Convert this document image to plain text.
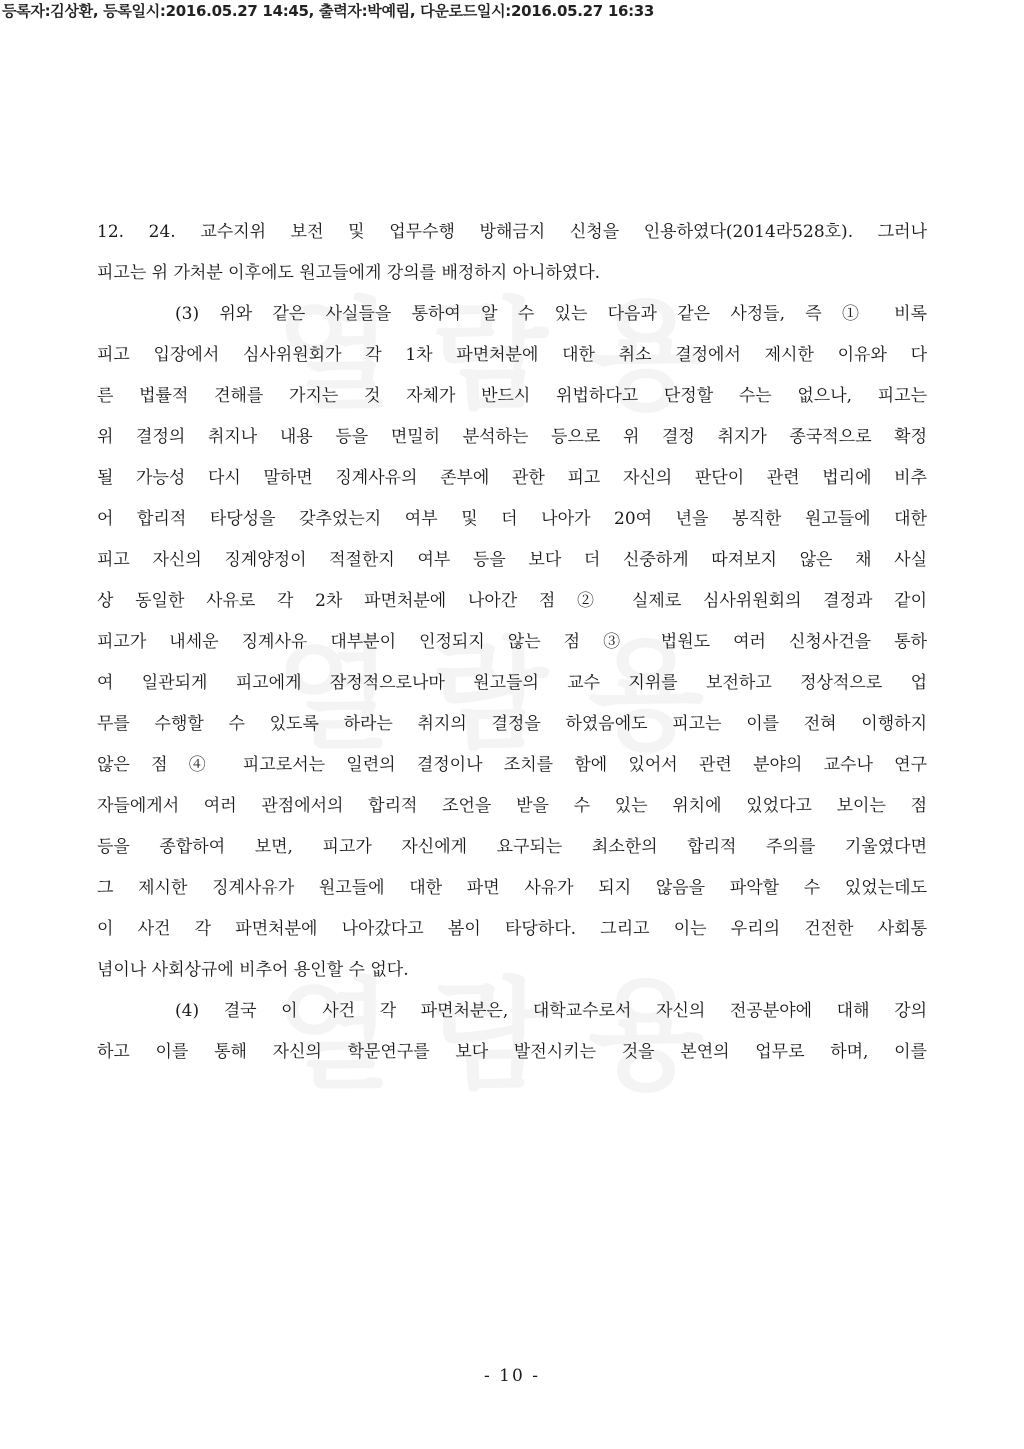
등록자:김상환, 등록일시:2016.05.27 14:45, 출력자:박예림, 다운로드일시:2016.05.27 16:33
12. 24. 교수지위 보전 및 업무수행 방해금지 신청을 인용하였다(2014라528호). 그러나
피고는 위 가처분 이후에도 원고들에게 강의를 배정하지 아니하였다.
(3) 위와 같은 사실들을 통하여 알 수 있는 다음과 같은 사정들, 즉 ① 비록
피고 입장에서 심사위원회가 각 1차 파면처분에 대한 취소 결정에서 제시한 이유와 다
른 법률적 견해를 가지는 것 자체가 반드시 위법하다고 단정할 수는 없으나, 피고는
위 결정의 취지나 내용 등을 면밀히 분석하는 등으로 위 결정 취지가 종국적으로 확정
될 가능성 다시 말하면 징계사유의 존부에 관한 피고 자신의 판단이 관련 법리에 비추
어 합리적 타당성을 갖추었는지 여부 및 더 나아가 20여 년을 봉직한 원고들에 대한
피고 자신의 징계양정이 적절한지 여부 등을 보다 더 신중하게 따져보지 않은 채 사실
상 동일한 사유로 각 2차 파면처분에 나아간 점 ② 실제로 심사위원회의 결정과 같이
피고가 내세운 징계사유 대부분이 인정되지 않는 점 ③ 법원도 여러 신청사건을 통하
여 일관되게 피고에게 잠정적으로나마 원고들의 교수 지위를 보전하고 정상적으로 업
무를 수행할 수 있도록 하라는 취지의 결정을 하였음에도 피고는 이를 전혀 이행하지
않은 점 ④ 피고로서는 일련의 결정이나 조치를 함에 있어서 관련 분야의 교수나 연구
자들에게서 여러 관점에서의 합리적 조언을 받을 수 있는 위치에 있었다고 보이는 점
등을 종합하여 보면, 피고가 자신에게 요구되는 최소한의 합리적 주의를 기울였다면
그 제시한 징계사유가 원고들에 대한 파면 사유가 되지 않음을 파악할 수 있었는데도
이 사건 각 파면처분에 나아갔다고 봄이 타당하다. 그리고 이는 우리의 건전한 사회통
념이나 사회상규에 비추어 용인할 수 없다.
(4) 결국 이 사건 각 파면처분은, 대학교수로서 자신의 전공분야에 대해 강의
하고 이를 통해 자신의 학문연구를 보다 발전시키는 것을 본연의 업무로 하며, 이를
- 10 -
